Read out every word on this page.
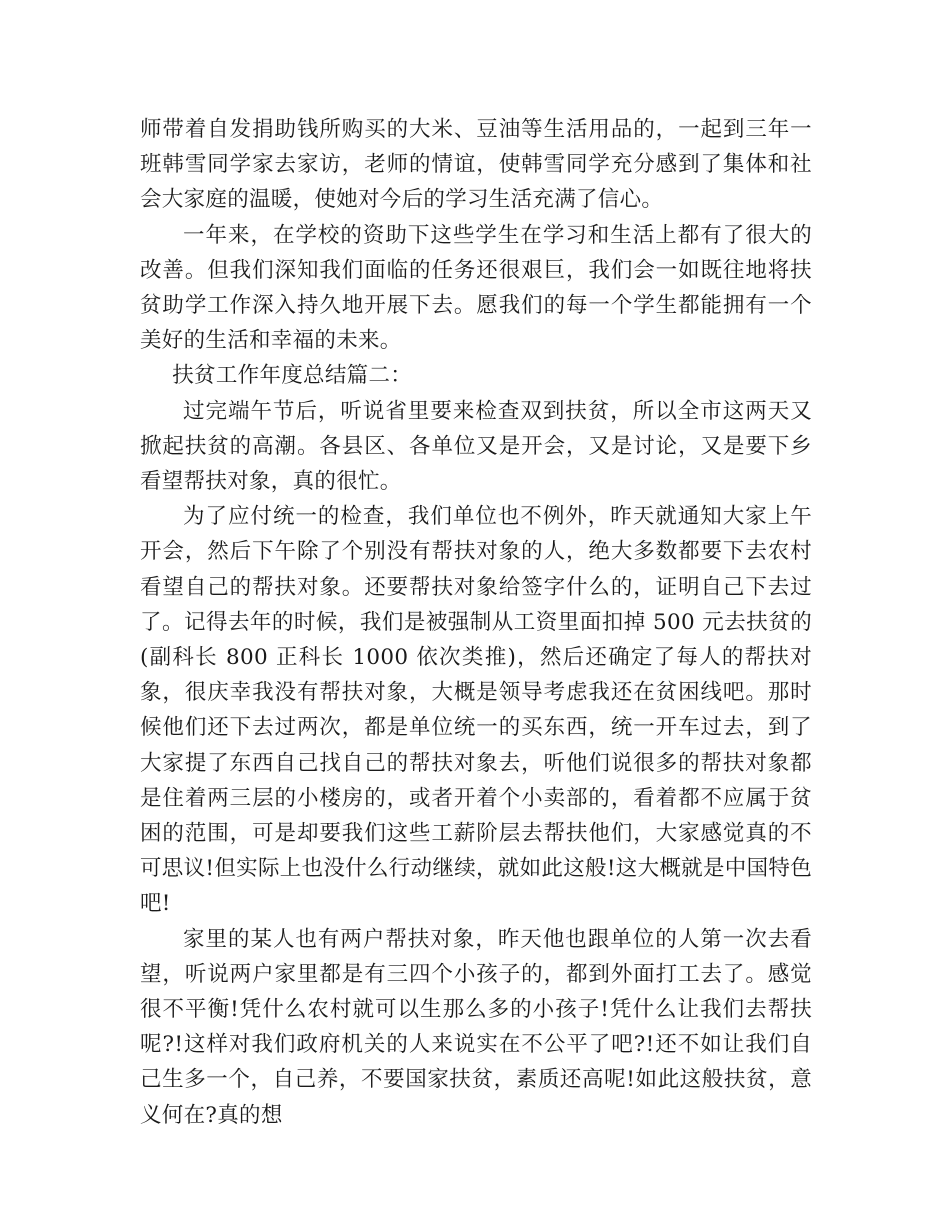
师带着自发捐助钱所购买的大米、豆油等生活用品的，一起到三年一班韩雪同学家去家访，老师的情谊，使韩雪同学充分感到了集体和社会大家庭的温暖，使她对今后的学习生活充满了信心。

一年来，在学校的资助下这些学生在学习和生活上都有了很大的改善。但我们深知我们面临的任务还很艰巨，我们会一如既往地将扶贫助学工作深入持久地开展下去。愿我们的每一个学生都能拥有一个美好的生活和幸福的未来。

扶贫工作年度总结篇二：

过完端午节后，听说省里要来检查双到扶贫，所以全市这两天又掀起扶贫的高潮。各县区、各单位又是开会，又是讨论，又是要下乡看望帮扶对象，真的很忙。

为了应付统一的检查，我们单位也不例外，昨天就通知大家上午开会，然后下午除了个别没有帮扶对象的人，绝大多数都要下去农村看望自己的帮扶对象。还要帮扶对象给签字什么的，证明自己下去过了。记得去年的时候，我们是被强制从工资里面扣掉 500 元去扶贫的(副科长 800 正科长 1000 依次类推)，然后还确定了每人的帮扶对象，很庆幸我没有帮扶对象，大概是领导考虑我还在贫困线吧。那时候他们还下去过两次，都是单位统一的买东西，统一开车过去，到了大家提了东西自己找自己的帮扶对象去，听他们说很多的帮扶对象都是住着两三层的小楼房的，或者开着个小卖部的，看着都不应属于贫困的范围，可是却要我们这些工薪阶层去帮扶他们，大家感觉真的不可思议!但实际上也没什么行动继续，就如此这般!这大概就是中国特色吧!

家里的某人也有两户帮扶对象，昨天他也跟单位的人第一次去看望，听说两户家里都是有三四个小孩子的，都到外面打工去了。感觉很不平衡!凭什么农村就可以生那么多的小孩子!凭什么让我们去帮扶呢?!这样对我们政府机关的人来说实在不公平了吧?!还不如让我们自己生多一个，自己养，不要国家扶贫，素质还高呢!如此这般扶贫，意义何在?真的想
